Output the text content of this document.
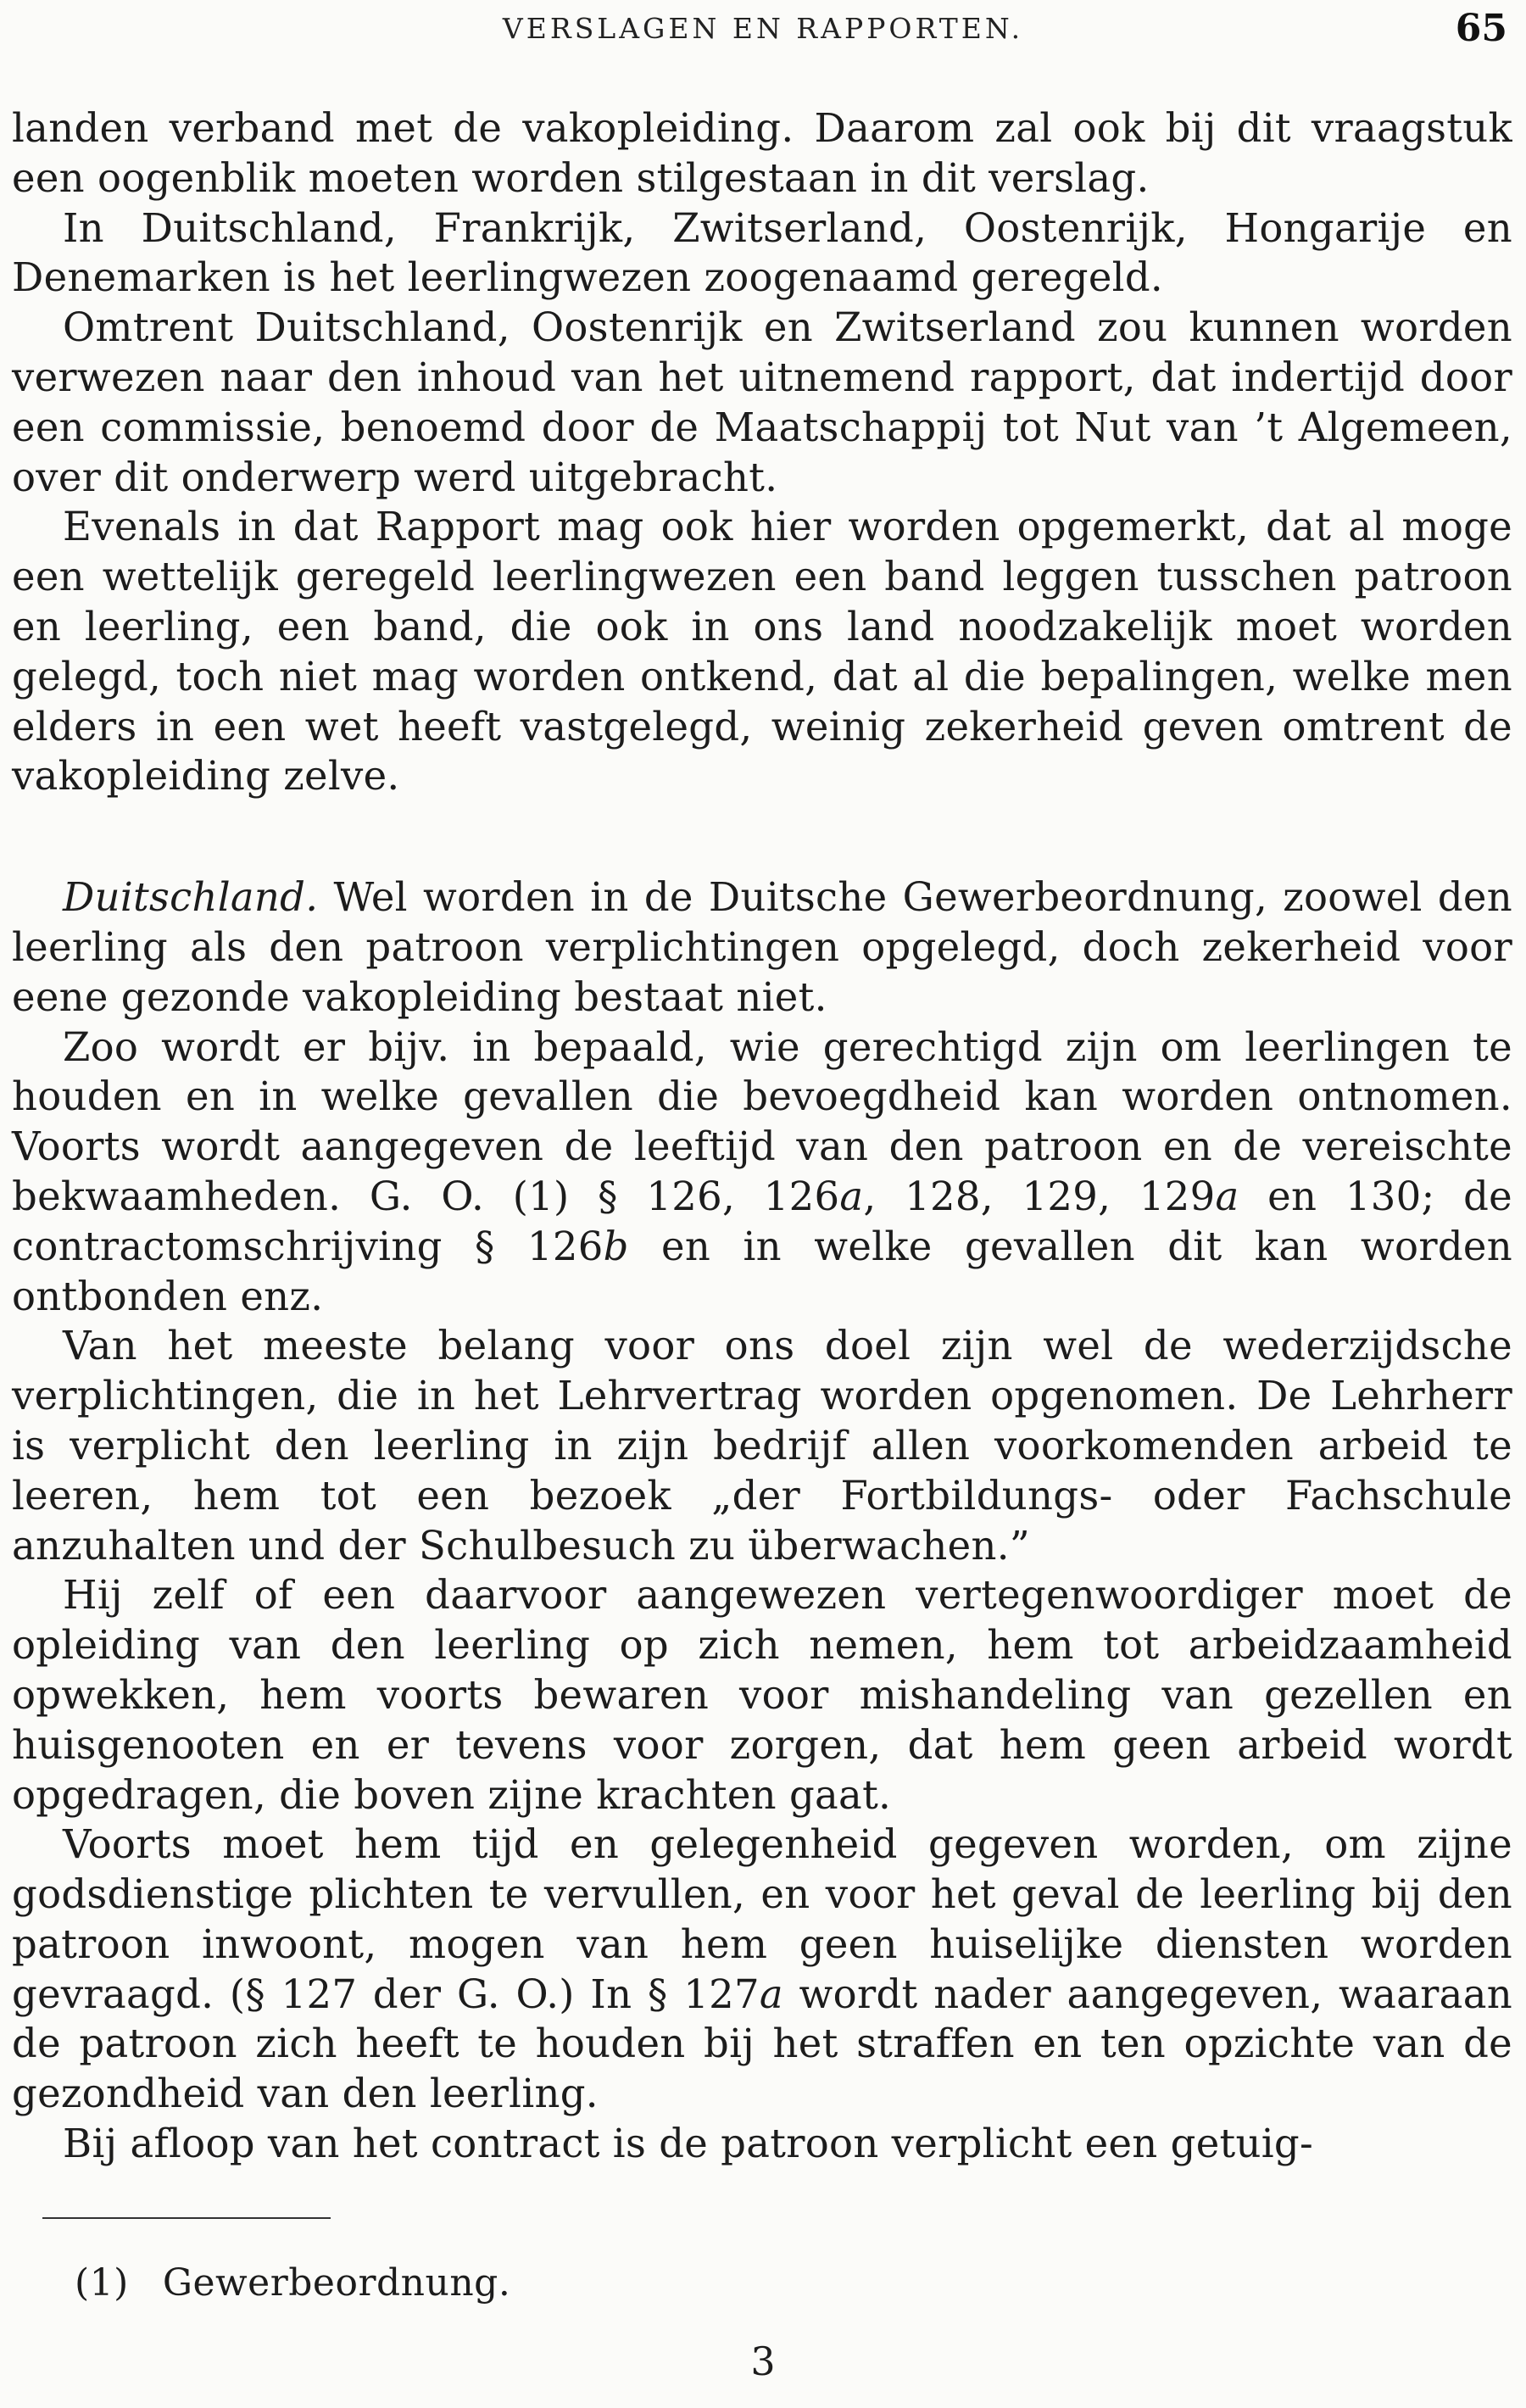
VERSLAGEN EN RAPPORTEN.	65

landen verband met de vakopleiding. Daarom zal ook bij dit vraagstuk een oogenblik moeten worden stilgestaan in dit verslag.

In Duitschland, Frankrijk, Zwitserland, Oostenrijk, Hongarije en Denemarken is het leerlingwezen zoogenaamd geregeld.

Omtrent Duitschland, Oostenrijk en Zwitserland zou kunnen worden verwezen naar den inhoud van het uitnemend rapport, dat indertijd door een commissie, benoemd door de Maatschappij tot Nut van ’t Algemeen, over dit onderwerp werd uitgebracht.

Evenals in dat Rapport mag ook hier worden opgemerkt, dat al moge een wettelijk geregeld leerlingwezen een band leggen tusschen patroon en leerling, een band, die ook in ons land noodzakelijk moet worden gelegd, toch niet mag worden ontkend, dat al die bepalingen, welke men elders in een wet heeft vastgelegd, weinig zekerheid geven omtrent de vakopleiding zelve.

Duitschland. Wel worden in de Duitsche Gewerbeordnung, zoowel den leerling als den patroon verplichtingen opgelegd, doch zekerheid voor eene gezonde vakopleiding bestaat niet.

Zoo wordt er bijv. in bepaald, wie gerechtigd zijn om leerlingen te houden en in welke gevallen die bevoegdheid kan worden ontnomen. Voorts wordt aangegeven de leeftijd van den patroon en de vereischte bekwaamheden. G. O. (1) § 126, 126a, 128, 129, 129a en 130; de contractomschrijving § 126b en in welke gevallen dit kan worden ontbonden enz.

Van het meeste belang voor ons doel zijn wel de wederzijdsche verplichtingen, die in het Lehrvertrag worden opgenomen. De Lehrherr is verplicht den leerling in zijn bedrijf allen voorkomenden arbeid te leeren, hem tot een bezoek „der Fortbildungs- oder Fachschule anzuhalten und der Schulbesuch zu überwachen.”

Hij zelf of een daarvoor aangewezen vertegenwoordiger moet de opleiding van den leerling op zich nemen, hem tot arbeidzaamheid opwekken, hem voorts bewaren voor mishandeling van gezellen en huisgenooten en er tevens voor zorgen, dat hem geen arbeid wordt opgedragen, die boven zijne krachten gaat.

Voorts moet hem tijd en gelegenheid gegeven worden, om zijne godsdienstige plichten te vervullen, en voor het geval de leerling bij den patroon inwoont, mogen van hem geen huiselijke diensten worden gevraagd. (§ 127 der G. O.) In § 127a wordt nader aangegeven, waaraan de patroon zich heeft te houden bij het straffen en ten opzichte van de gezondheid van den leerling.

Bij afloop van het contract is de patroon verplicht een getuig-

(1) Gewerbeordnung.
3
